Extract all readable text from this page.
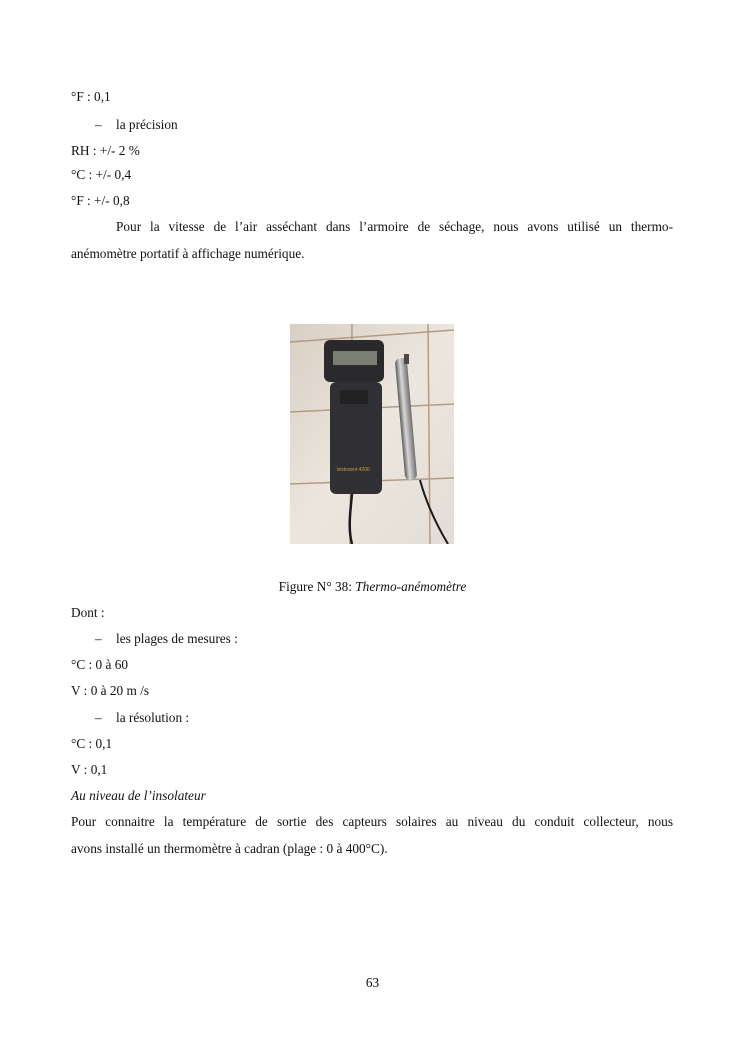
°F : 0,1
– la précision
RH : +/- 2 %
°C : +/- 0,4
°F : +/- 0,8
Pour la vitesse de l’air asséchant dans l’armoire de séchage, nous avons utilisé un thermo-
anémomètre portatif à affichage numérique.
testovent 4200
Figure N° 38: Thermo-anémomètre
Dont :
– les plages de mesures :
°C : 0 à 60
V : 0 à 20 m /s
– la résolution :
°C : 0,1
V : 0,1
Au niveau de l’insolateur
Pour connaitre la température de sortie des capteurs solaires au niveau du conduit collecteur, nous
avons installé un thermomètre à cadran (plage : 0 à 400°C).
63
